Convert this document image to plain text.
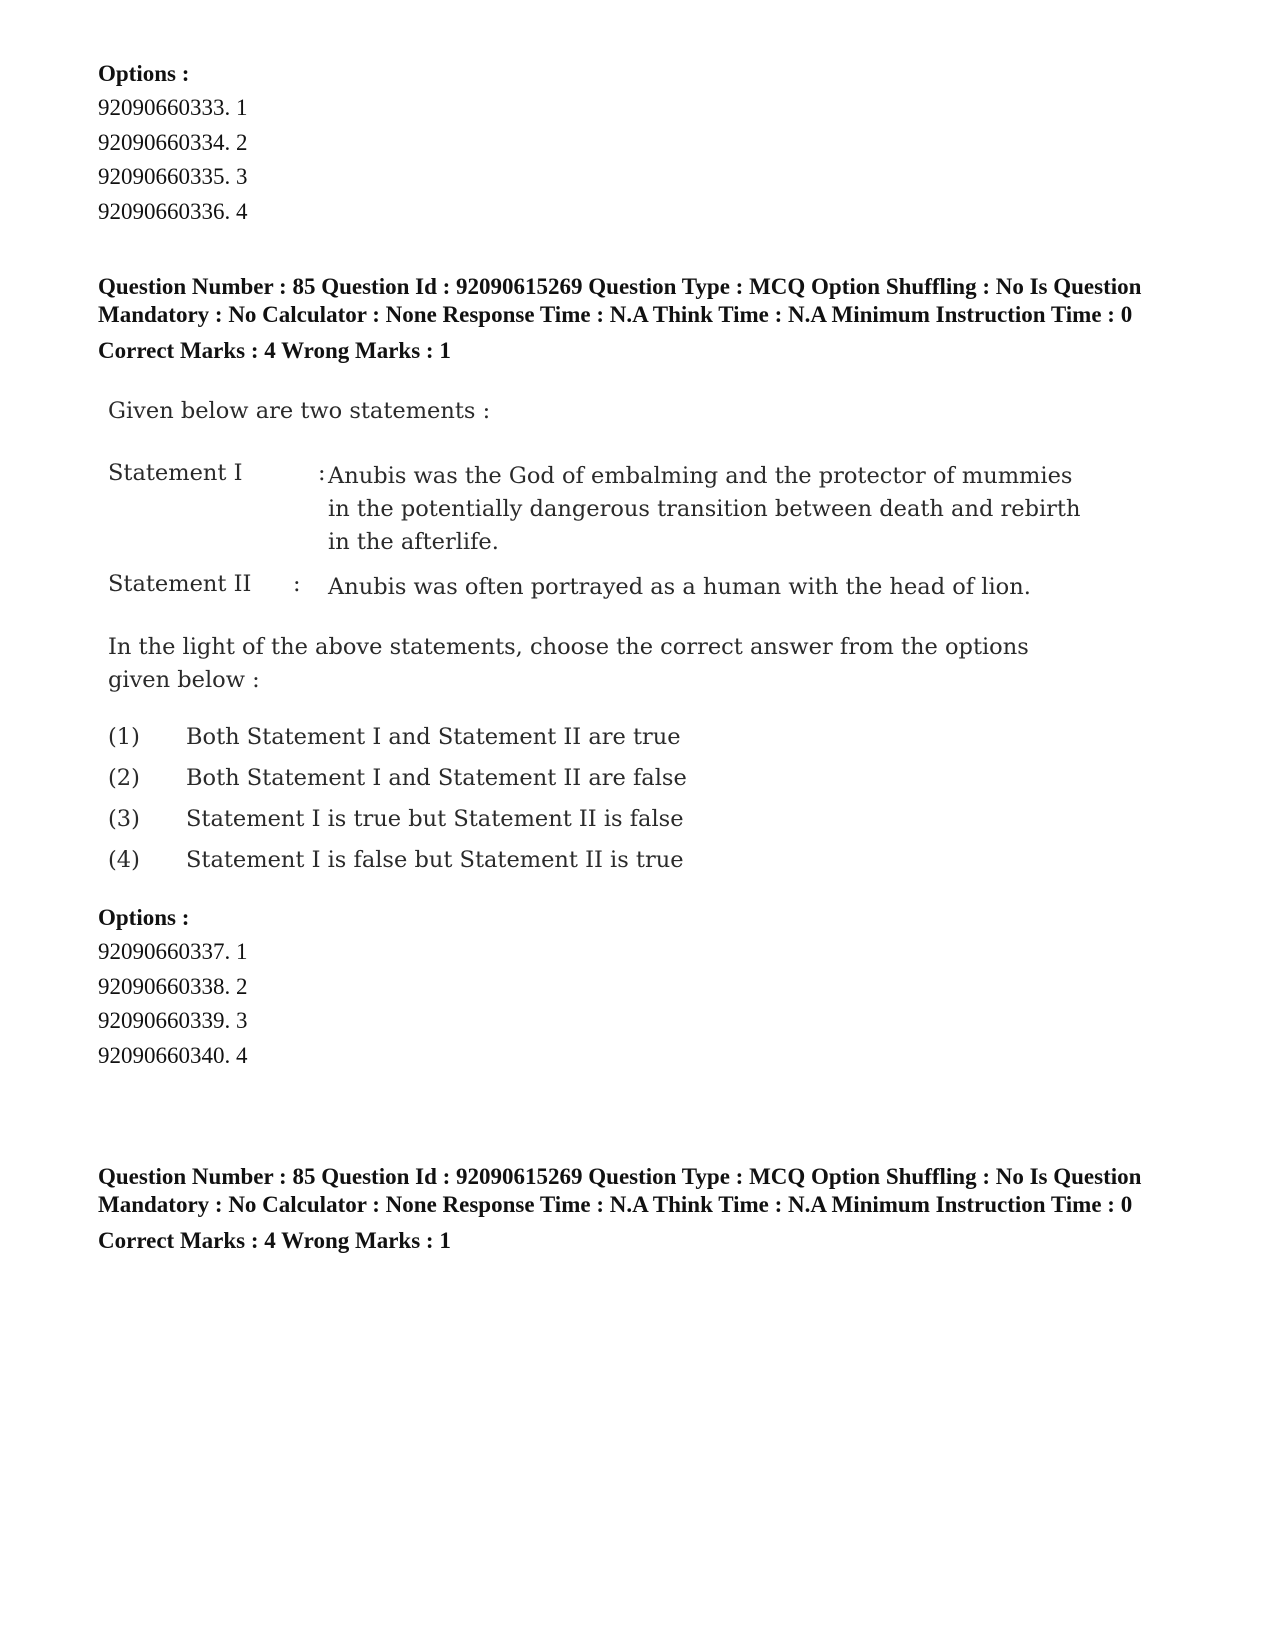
Options :
92090660333. 1
92090660334. 2
92090660335. 3
92090660336. 4
Question Number : 85 Question Id : 92090615269 Question Type : MCQ Option Shuffling : No Is Question Mandatory : No Calculator : None Response Time : N.A Think Time : N.A Minimum Instruction Time : 0
Correct Marks : 4 Wrong Marks : 1
Given below are two statements :
Statement I	: Anubis was the God of embalming and the protector of mummies in the potentially dangerous transition between death and rebirth in the afterlife.
Statement II : Anubis was often portrayed as a human with the head of lion.
In the light of the above statements, choose the correct answer from the options given below :
(1) Both Statement I and Statement II are true
(2) Both Statement I and Statement II are false
(3) Statement I is true but Statement II is false
(4) Statement I is false but Statement II is true
Options :
92090660337. 1
92090660338. 2
92090660339. 3
92090660340. 4
Question Number : 85 Question Id : 92090615269 Question Type : MCQ Option Shuffling : No Is Question Mandatory : No Calculator : None Response Time : N.A Think Time : N.A Minimum Instruction Time : 0
Correct Marks : 4 Wrong Marks : 1
